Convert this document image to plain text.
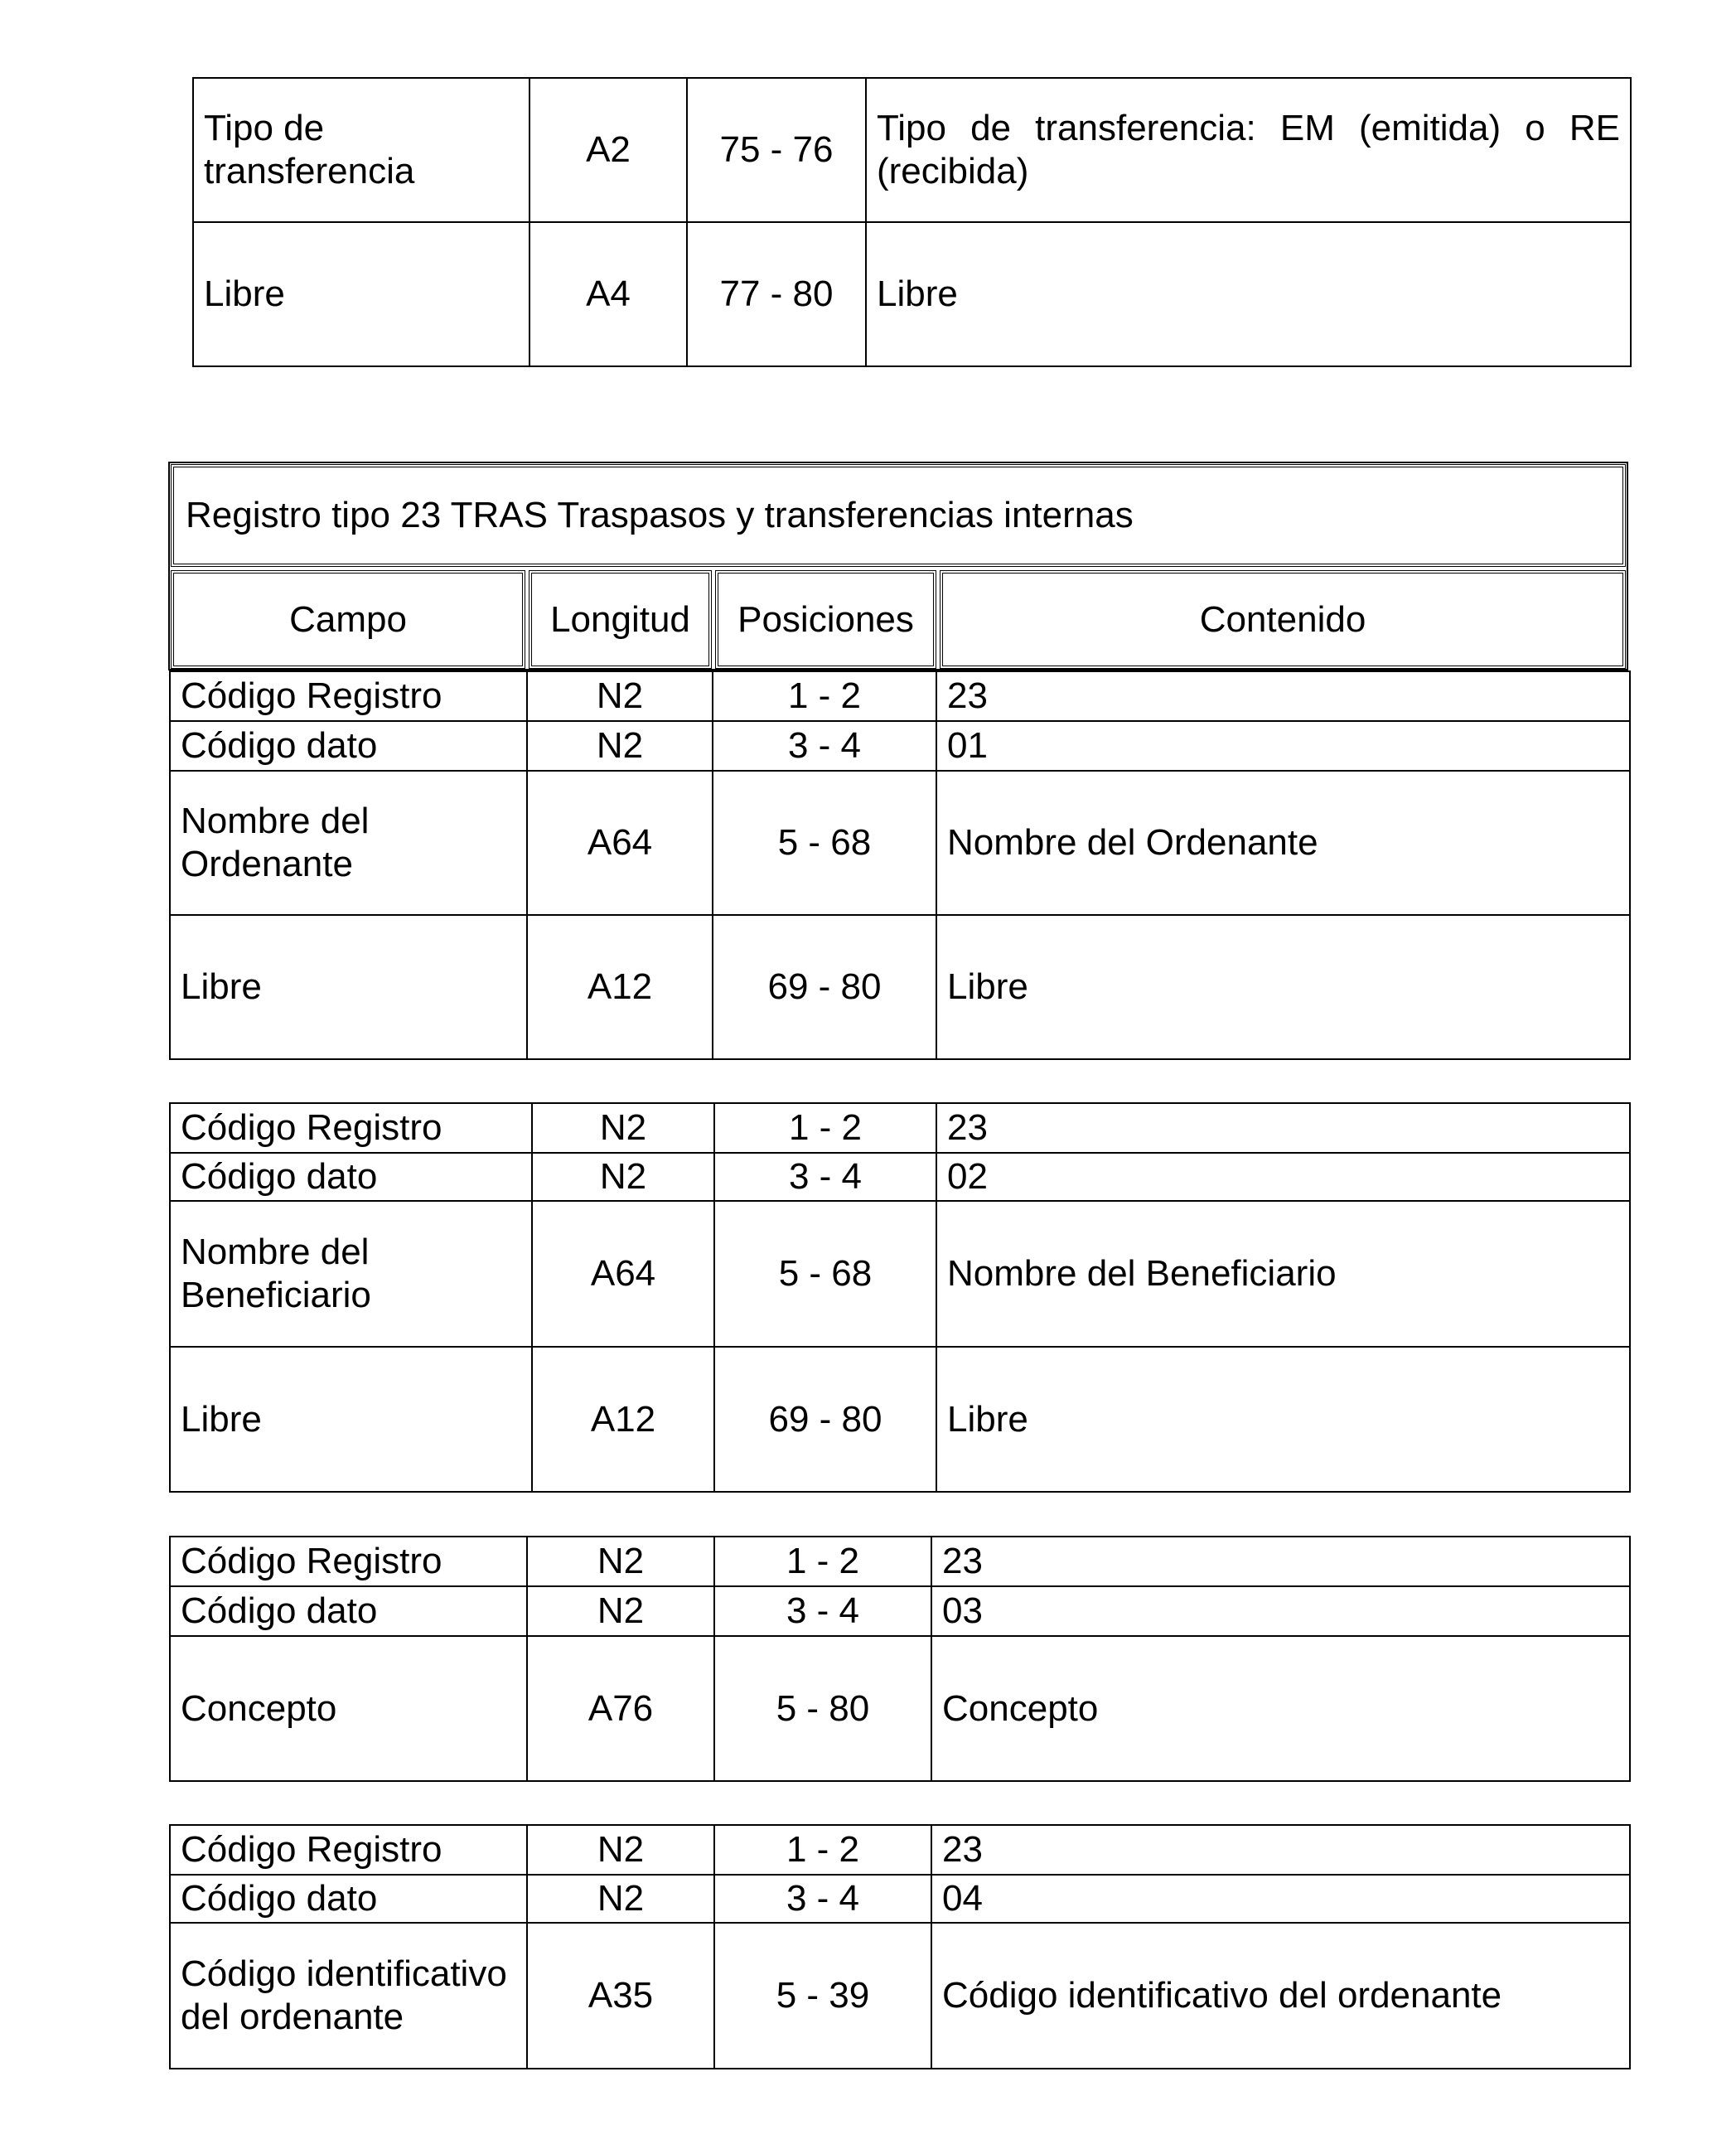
Tipo de transferencia	A2	75 - 76	Tipo de transferencia: EM (emitida) o RE (recibida)
Libre	A4	77 - 80	Libre
Registro tipo 23 TRAS Traspasos y transferencias internas
Campo	Longitud	Posiciones	Contenido
Código Registro	N2	1 - 2	23
Código dato	N2	3 - 4	01
Nombre del Ordenante	A64	5 - 68	Nombre del Ordenante
Libre	A12	69 - 80	Libre
Código Registro	N2	1 - 2	23
Código dato	N2	3 - 4	02
Nombre del Beneficiario	A64	5 - 68	Nombre del Beneficiario
Libre	A12	69 - 80	Libre
Código Registro	N2	1 - 2	23
Código dato	N2	3 - 4	03
Concepto	A76	5 - 80	Concepto
Código Registro	N2	1 - 2	23
Código dato	N2	3 - 4	04
Código identificativo del ordenante	A35	5 - 39	Código identificativo del ordenante
